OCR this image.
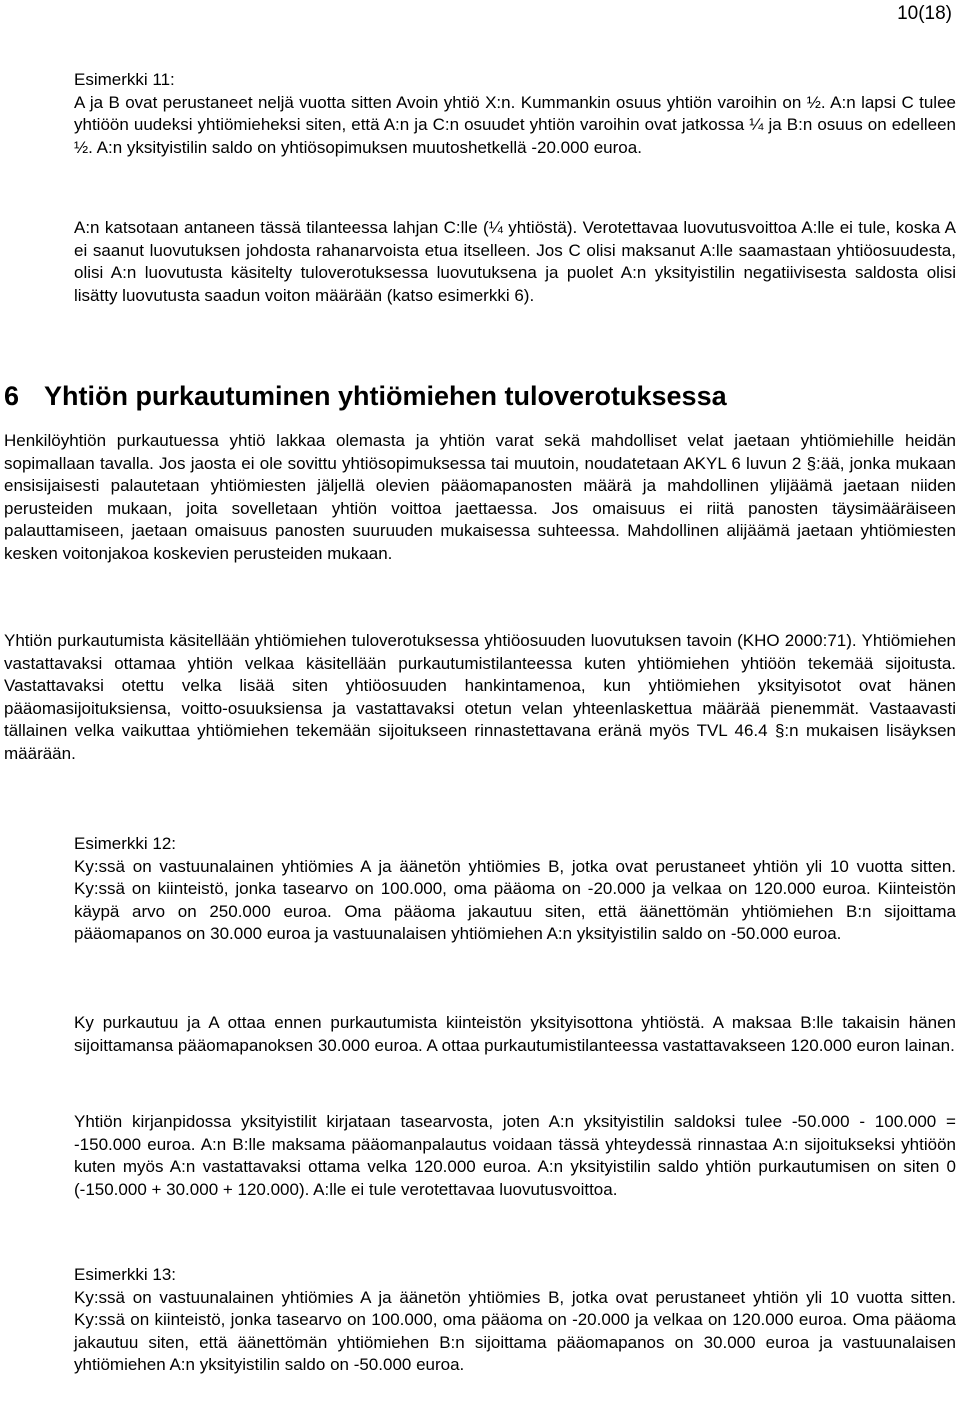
10(18)
Esimerkki 11:
A ja B ovat perustaneet neljä vuotta sitten Avoin yhtiö X:n. Kummankin osuus yhtiön varoihin on ½. A:n lapsi C tulee yhtiöön uudeksi yhtiömieheksi siten, että A:n ja C:n osuudet yhtiön varoihin ovat jatkossa ¼ ja B:n osuus on edelleen ½. A:n yksityistilin saldo on yhtiösopimuksen muutoshetkellä -20.000 euroa.

A:n katsotaan antaneen tässä tilanteessa lahjan C:lle (¼ yhtiöstä). Verotettavaa luovutusvoittoa A:lle ei tule, koska A ei saanut luovutuksen johdosta rahanarvoista etua itselleen. Jos C olisi maksanut A:lle saamastaan yhtiöosuudesta, olisi A:n luovutusta käsitelty tuloverotuksessa luovutuksena ja puolet A:n yksityistilin negatiivisesta saldosta olisi lisätty luovutusta saadun voiton määrään (katso esimerkki 6).

6 Yhtiön purkautuminen yhtiömiehen tuloverotuksessa

Henkilöyhtiön purkautuessa yhtiö lakkaa olemasta ja yhtiön varat sekä mahdolliset velat jaetaan yhtiömiehille heidän sopimallaan tavalla. Jos jaosta ei ole sovittu yhtiösopimuksessa tai muutoin, noudatetaan AKYL 6 luvun 2 §:ää, jonka mukaan ensisijaisesti palautetaan yhtiömiesten jäljellä olevien pääomapanosten määrä ja mahdollinen ylijäämä jaetaan niiden perusteiden mukaan, joita sovelletaan yhtiön voittoa jaettaessa. Jos omaisuus ei riitä panosten täysimääräiseen palauttamiseen, jaetaan omaisuus panosten suuruuden mukaisessa suhteessa. Mahdollinen alijäämä jaetaan yhtiömiesten kesken voitonjakoa koskevien perusteiden mukaan.

Yhtiön purkautumista käsitellään yhtiömiehen tuloverotuksessa yhtiöosuuden luovutuksen tavoin (KHO 2000:71). Yhtiömiehen vastattavaksi ottamaa yhtiön velkaa käsitellään purkautumistilanteessa kuten yhtiömiehen yhtiöön tekemää sijoitusta. Vastattavaksi otettu velka lisää siten yhtiöosuuden hankintamenoa, kun yhtiömiehen yksityisotot ovat hänen pääomasijoituksiensa, voitto-osuuksiensa ja vastattavaksi otetun velan yhteenlaskettua määrää pienemmät. Vastaavasti tällainen velka vaikuttaa yhtiömiehen tekemään sijoitukseen rinnastettavana eränä myös TVL 46.4 §:n mukaisen lisäyksen määrään.

Esimerkki 12:
Ky:ssä on vastuunalainen yhtiömies A ja äänetön yhtiömies B, jotka ovat perustaneet yhtiön yli 10 vuotta sitten. Ky:ssä on kiinteistö, jonka tasearvo on 100.000, oma pääoma on -20.000 ja velkaa on 120.000 euroa. Kiinteistön käypä arvo on 250.000 euroa. Oma pääoma jakautuu siten, että äänettömän yhtiömiehen B:n sijoittama pääomapanos on 30.000 euroa ja vastuunalaisen yhtiömiehen A:n yksityistilin saldo on -50.000 euroa.

Ky purkautuu ja A ottaa ennen purkautumista kiinteistön yksityisottona yhtiöstä. A maksaa B:lle takaisin hänen sijoittamansa pääomapanoksen 30.000 euroa. A ottaa purkautumistilanteessa vastattavakseen 120.000 euron lainan.

Yhtiön kirjanpidossa yksityistilit kirjataan tasearvosta, joten A:n yksityistilin saldoksi tulee -50.000 - 100.000 = -150.000 euroa. A:n B:lle maksama pääomanpalautus voidaan tässä yhteydessä rinnastaa A:n sijoitukseksi yhtiöön kuten myös A:n vastattavaksi ottama velka 120.000 euroa. A:n yksityistilin saldo yhtiön purkautumisen on siten 0 (-150.000 + 30.000 + 120.000). A:lle ei tule verotettavaa luovutusvoittoa.

Esimerkki 13:
Ky:ssä on vastuunalainen yhtiömies A ja äänetön yhtiömies B, jotka ovat perustaneet yhtiön yli 10 vuotta sitten. Ky:ssä on kiinteistö, jonka tasearvo on 100.000, oma pääoma on -20.000 ja velkaa on 120.000 euroa. Oma pääoma jakautuu siten, että äänettömän yhtiömiehen B:n sijoittama pääomapanos on 30.000 euroa ja vastuunalaisen yhtiömiehen A:n yksityistilin saldo on -50.000 euroa.
